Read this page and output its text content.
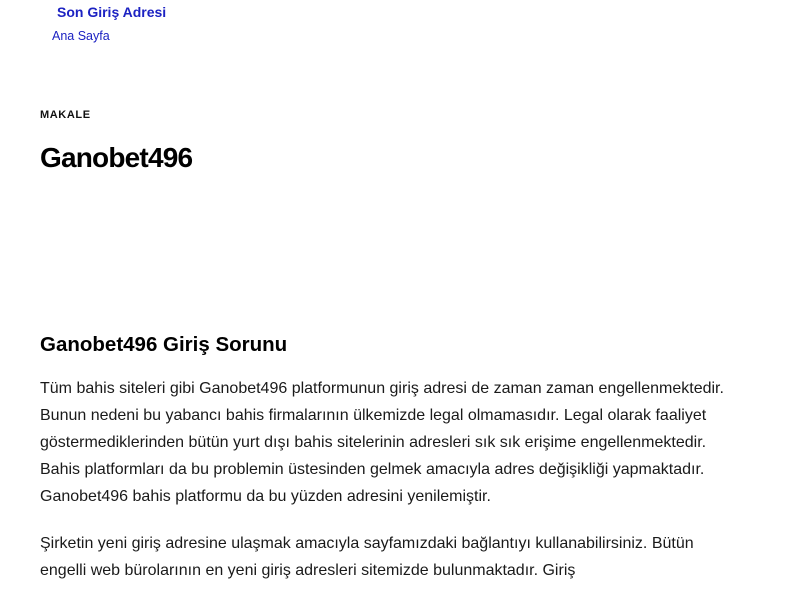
Son Giriş Adresi
Ana Sayfa
MAKALE
Ganobet496
Ganobet496 Giriş Sorunu

Tüm bahis siteleri gibi Ganobet496 platformunun giriş adresi de zaman zaman engellenmektedir. Bunun nedeni bu yabancı bahis firmalarının ülkemizde legal olmamasıdır. Legal olarak faaliyet göstermediklerinden bütün yurt dışı bahis sitelerinin adresleri sık sık erişime engellenmektedir. Bahis platformları da bu problemin üstesinden gelmek amacıyla adres değişikliği yapmaktadır. Ganobet496 bahis platformu da bu yüzden adresini yenilemiştir.

Şirketin yeni giriş adresine ulaşmak amacıyla sayfamızdaki bağlantıyı kullanabilirsiniz. Bütün engelli web bürolarının en yeni giriş adresleri sitemizde bulunmaktadır. Giriş
